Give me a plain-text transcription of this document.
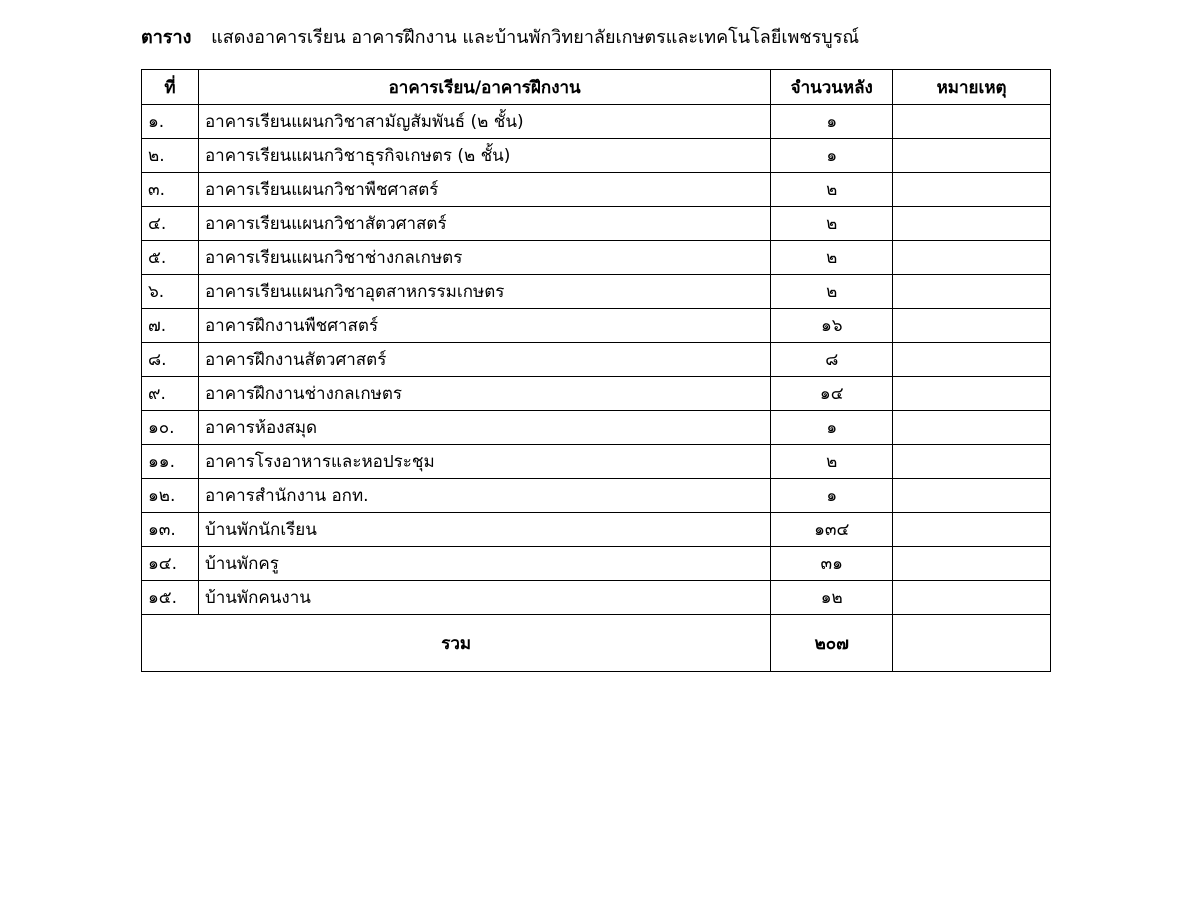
ตาราง แสดงอาคารเรียน อาคารฝึกงาน และบ้านพักวิทยาลัยเกษตรและเทคโนโลยีเพชรบูรณ์
ที่	อาคารเรียน/อาคารฝึกงาน	จำนวนหลัง	หมายเหตุ
๑.	อาคารเรียนแผนกวิชาสามัญสัมพันธ์ (๒ ชั้น)	๑	
๒.	อาคารเรียนแผนกวิชาธุรกิจเกษตร (๒ ชั้น)	๑	
๓.	อาคารเรียนแผนกวิชาพืชศาสตร์	๒	
๔.	อาคารเรียนแผนกวิชาสัตวศาสตร์	๒	
๕.	อาคารเรียนแผนกวิชาช่างกลเกษตร	๒	
๖.	อาคารเรียนแผนกวิชาอุตสาหกรรมเกษตร	๒	
๗.	อาคารฝึกงานพืชศาสตร์	๑๖	
๘.	อาคารฝึกงานสัตวศาสตร์	๘	
๙.	อาคารฝึกงานช่างกลเกษตร	๑๔	
๑๐.	อาคารห้องสมุด	๑	
๑๑.	อาคารโรงอาหารและหอประชุม	๒	
๑๒.	อาคารสำนักงาน อกท.	๑	
๑๓.	บ้านพักนักเรียน	๑๓๔	
๑๔.	บ้านพักครู	๓๑	
๑๕.	บ้านพักคนงาน	๑๒	
รวม		๒๐๗	
